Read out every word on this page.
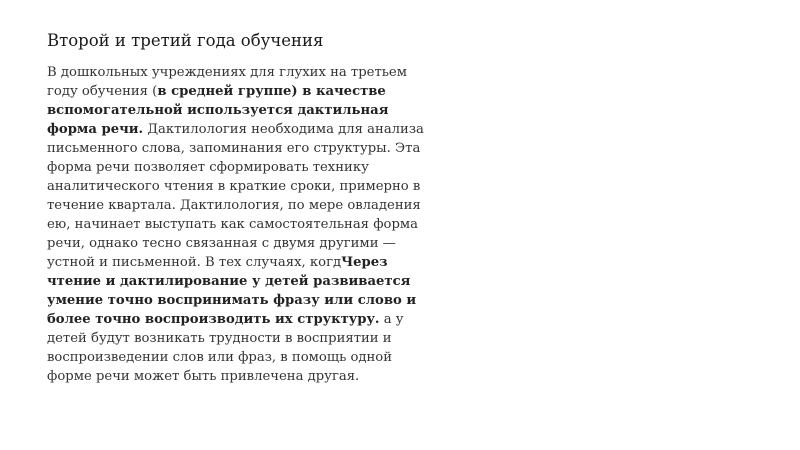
Второй и третий года обучения
В дошкольных учреждениях для глухих на третьем
году обучения (в средней группе) в качестве
вспомогательной используется дактильная
форма речи. Дактилология необходима для анализа
письменного слова, запоминания его структуры. Эта
форма речи позволяет сформировать технику
аналитического чтения в краткие сроки, примерно в
течение квартала. Дактилология, по мере овладения
ею, начинает выступать как самостоятельная форма
речи, однако тесно связанная с двумя другими —
устной и письменной. В тех случаях, когдЧерез
чтение и дактилирование у детей развивается
умение точно воспринимать фразу или слово и
более точно воспроизводить их структуру. а у
детей будут возникать трудности в восприятии и
воспроизведении слов или фраз, в помощь одной
форме речи может быть привлечена другая.
